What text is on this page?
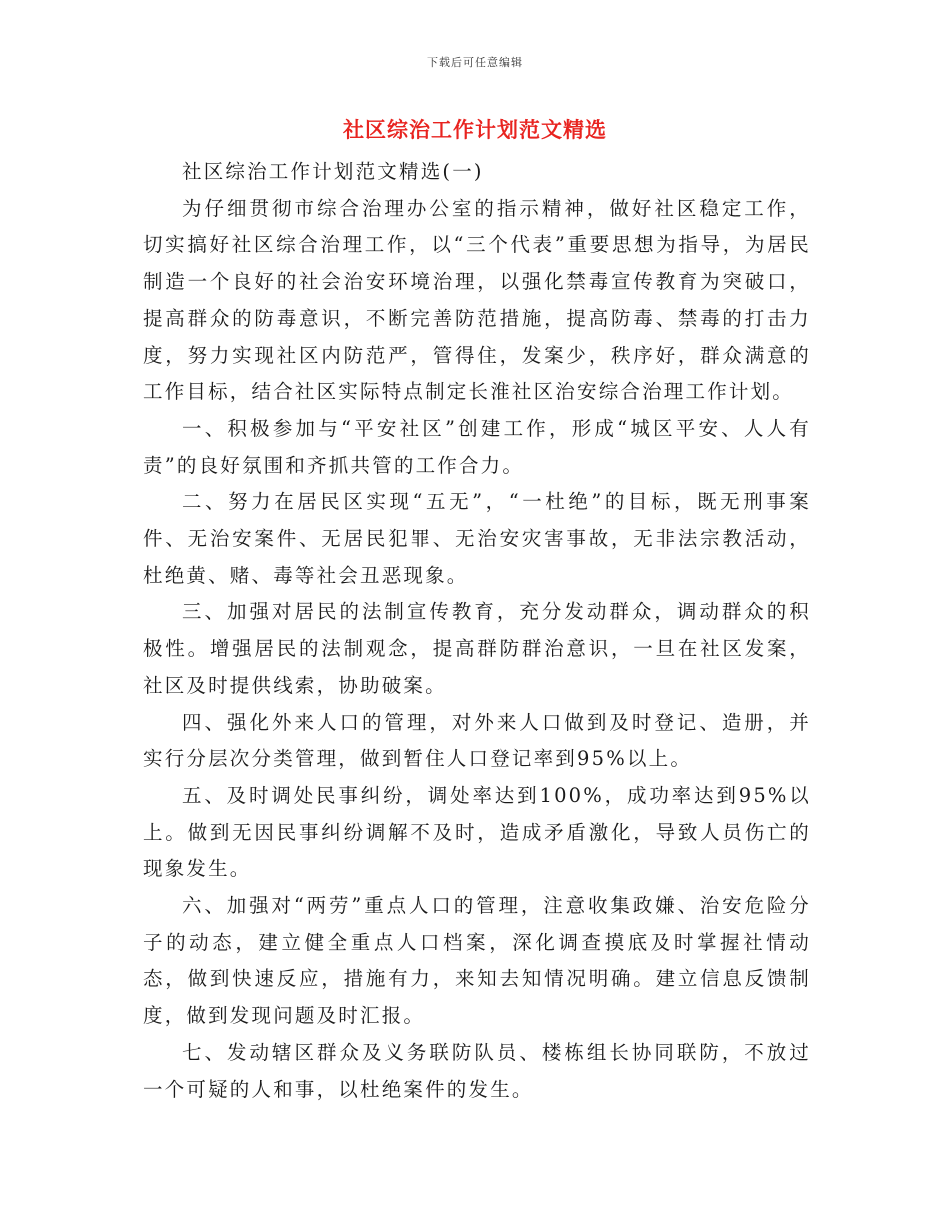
下载后可任意编辑
社区综治工作计划范文精选

社区综治工作计划范文精选(一)

为仔细贯彻市综合治理办公室的指示精神，做好社区稳定工作，切实搞好社区综合治理工作，以“三个代表”重要思想为指导，为居民制造一个良好的社会治安环境治理，以强化禁毒宣传教育为突破口，提高群众的防毒意识，不断完善防范措施，提高防毒、禁毒的打击力度，努力实现社区内防范严，管得住，发案少，秩序好，群众满意的工作目标，结合社区实际特点制定长淮社区治安综合治理工作计划。

一、积极参加与“平安社区”创建工作，形成“城区平安、人人有责”的良好氛围和齐抓共管的工作合力。

二、努力在居民区实现“五无”，“一杜绝”的目标，既无刑事案件、无治安案件、无居民犯罪、无治安灾害事故，无非法宗教活动，杜绝黄、赌、毒等社会丑恶现象。

三、加强对居民的法制宣传教育，充分发动群众，调动群众的积极性。增强居民的法制观念，提高群防群治意识，一旦在社区发案，社区及时提供线索，协助破案。

四、强化外来人口的管理，对外来人口做到及时登记、造册，并实行分层次分类管理，做到暂住人口登记率到95%以上。

五、及时调处民事纠纷，调处率达到100%，成功率达到95%以上。做到无因民事纠纷调解不及时，造成矛盾激化，导致人员伤亡的现象发生。

六、加强对“两劳”重点人口的管理，注意收集政嫌、治安危险分子的动态，建立健全重点人口档案，深化调查摸底及时掌握社情动态，做到快速反应，措施有力，来知去知情况明确。建立信息反馈制度，做到发现问题及时汇报。

七、发动辖区群众及义务联防队员、楼栋组长协同联防，不放过一个可疑的人和事，以杜绝案件的发生。
